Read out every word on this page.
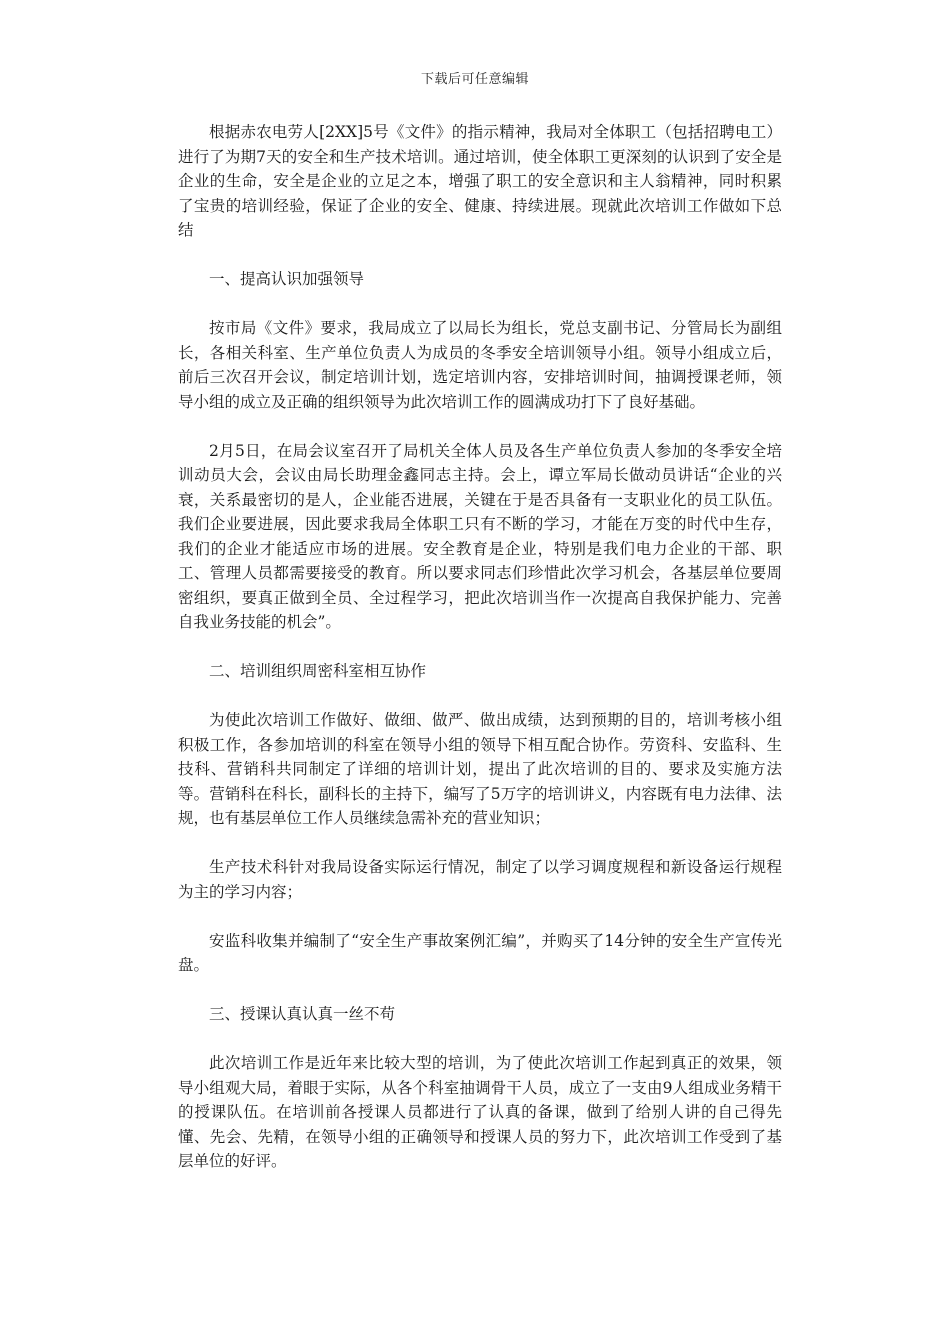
下载后可任意编辑

根据赤农电劳人[2XX]5号《文件》的指示精神，我局对全体职工（包括招聘电工）进行了为期7天的安全和生产技术培训。通过培训，使全体职工更深刻的认识到了安全是企业的生命，安全是企业的立足之本，增强了职工的安全意识和主人翁精神，同时积累了宝贵的培训经验，保证了企业的安全、健康、持续进展。现就此次培训工作做如下总结

一、提高认识加强领导

按市局《文件》要求，我局成立了以局长为组长，党总支副书记、分管局长为副组长，各相关科室、生产单位负责人为成员的冬季安全培训领导小组。领导小组成立后，前后三次召开会议，制定培训计划，选定培训内容，安排培训时间，抽调授课老师，领导小组的成立及正确的组织领导为此次培训工作的圆满成功打下了良好基础。

2月5日，在局会议室召开了局机关全体人员及各生产单位负责人参加的冬季安全培训动员大会，会议由局长助理金鑫同志主持。会上，谭立军局长做动员讲话“企业的兴衰，关系最密切的是人，企业能否进展，关键在于是否具备有一支职业化的员工队伍。我们企业要进展，因此要求我局全体职工只有不断的学习，才能在万变的时代中生存，我们的企业才能适应市场的进展。安全教育是企业，特别是我们电力企业的干部、职工、管理人员都需要接受的教育。所以要求同志们珍惜此次学习机会，各基层单位要周密组织，要真正做到全员、全过程学习，把此次培训当作一次提高自我保护能力、完善自我业务技能的机会”。

二、培训组织周密科室相互协作

为使此次培训工作做好、做细、做严、做出成绩，达到预期的目的，培训考核小组积极工作，各参加培训的科室在领导小组的领导下相互配合协作。劳资科、安监科、生技科、营销科共同制定了详细的培训计划，提出了此次培训的目的、要求及实施方法等。营销科在科长，副科长的主持下，编写了5万字的培训讲义，内容既有电力法律、法规，也有基层单位工作人员继续急需补充的营业知识；

生产技术科针对我局设备实际运行情况，制定了以学习调度规程和新设备运行规程为主的学习内容；

安监科收集并编制了“安全生产事故案例汇编”，并购买了14分钟的安全生产宣传光盘。

三、授课认真认真一丝不苟

此次培训工作是近年来比较大型的培训，为了使此次培训工作起到真正的效果，领导小组观大局，着眼于实际，从各个科室抽调骨干人员，成立了一支由9人组成业务精干的授课队伍。在培训前各授课人员都进行了认真的备课，做到了给别人讲的自己得先懂、先会、先精，在领导小组的正确领导和授课人员的努力下，此次培训工作受到了基层单位的好评。
